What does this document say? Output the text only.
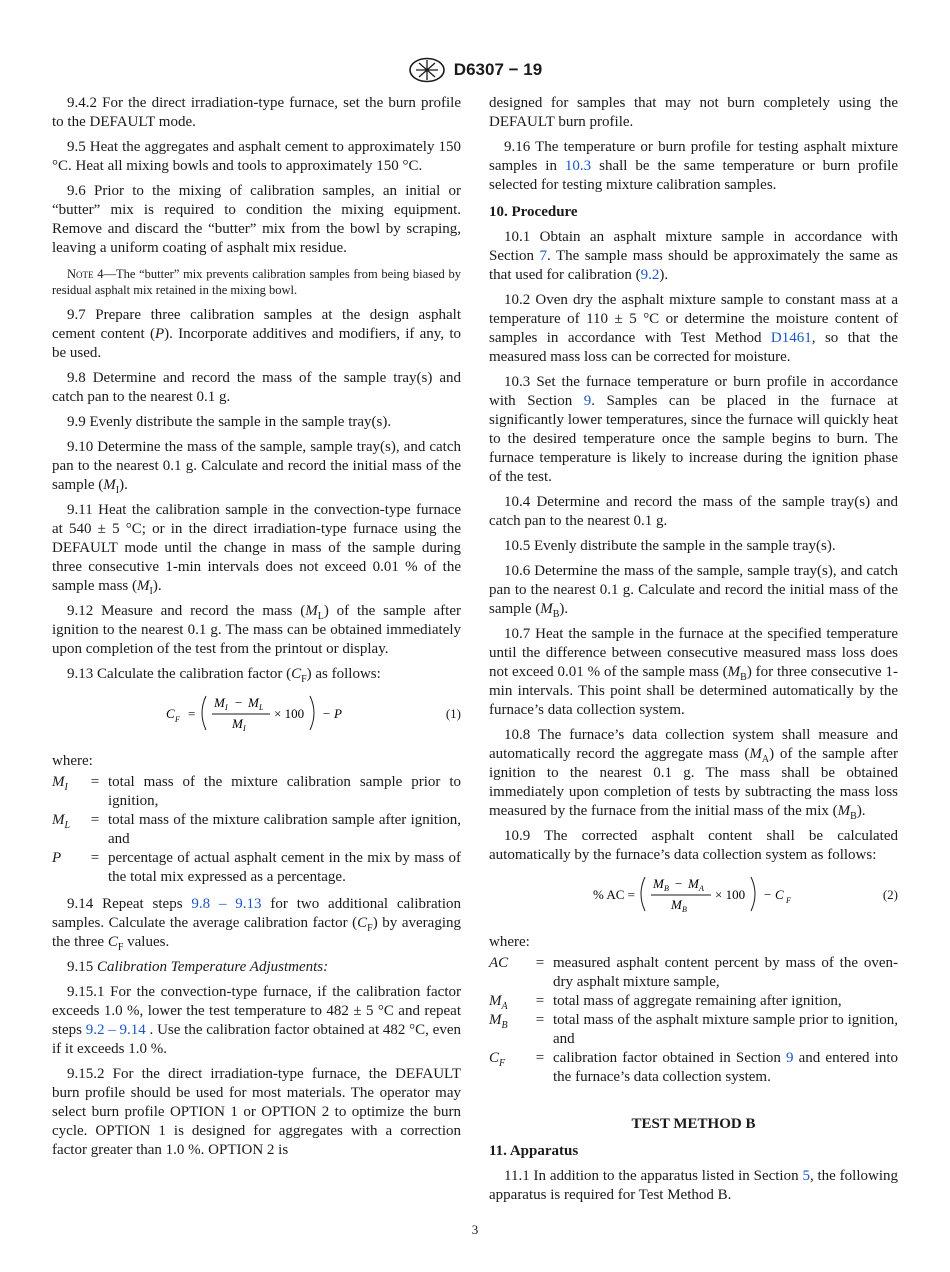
D6307 − 19

9.4.2 For the direct irradiation-type furnace, set the burn profile to the DEFAULT mode.

9.5 Heat the aggregates and asphalt cement to approximately 150 °C. Heat all mixing bowls and tools to approximately 150 °C.

9.6 Prior to the mixing of calibration samples, an initial or “butter” mix is required to condition the mixing equipment. Remove and discard the “butter” mix from the bowl by scraping, leaving a uniform coating of asphalt mix residue.

Note 4—The “butter” mix prevents calibration samples from being biased by residual asphalt mix retained in the mixing bowl.

9.7 Prepare three calibration samples at the design asphalt cement content (P). Incorporate additives and modifiers, if any, to be used.

9.8 Determine and record the mass of the sample tray(s) and catch pan to the nearest 0.1 g.

9.9 Evenly distribute the sample in the sample tray(s).

9.10 Determine the mass of the sample, sample tray(s), and catch pan to the nearest 0.1 g. Calculate and record the initial mass of the sample $(M_I)$.

9.11 Heat the calibration sample in the convection-type furnace at 540 ± 5 °C; or in the direct irradiation-type furnace using the DEFAULT mode until the change in mass of the sample during three consecutive 1-min intervals does not exceed 0.01 % of the sample mass $(M_I)$.

9.12 Measure and record the mass $(M_L)$ of the sample after ignition to the nearest 0.1 g. The mass can be obtained immediately upon completion of the test from the printout or display.

9.13 Calculate the calibration factor $(C_F)$ as follows:

C F =
M I − M L
M I
× 100 − P	(1)

where:

$M_I$	=	total mass of the mixture calibration sample prior to ignition,
$M_L$	=	total mass of the mixture calibration sample after ignition, and
P	=	percentage of actual asphalt cement in the mix by mass of the total mix expressed as a percentage.

9.14 Repeat steps 9.8 – 9.13 for two additional calibration samples. Calculate the average calibration factor $(C_F)$ by averaging the three $C_F$ values.

9.15 Calibration Temperature Adjustments:

9.15.1 For the convection-type furnace, if the calibration factor exceeds 1.0 %, lower the test temperature to 482 ± 5 °C and repeat steps 9.2 – 9.14 . Use the calibration factor obtained at 482 °C, even if it exceeds 1.0 %.

9.15.2 For the direct irradiation-type furnace, the DEFAULT burn profile should be used for most materials. The operator may select burn profile OPTION 1 or OPTION 2 to optimize the burn cycle. OPTION 1 is designed for aggregates with a correction factor greater than 1.0 %. OPTION 2 is

designed for samples that may not burn completely using the DEFAULT burn profile.

9.16 The temperature or burn profile for testing asphalt mixture samples in 10.3 shall be the same temperature or burn profile selected for testing mixture calibration samples.

10. Procedure

10.1 Obtain an asphalt mixture sample in accordance with Section 7. The sample mass should be approximately the same as that used for calibration (9.2).

10.2 Oven dry the asphalt mixture sample to constant mass at a temperature of 110 ± 5 °C or determine the moisture content of samples in accordance with Test Method D1461, so that the measured mass loss can be corrected for moisture.

10.3 Set the furnace temperature or burn profile in accordance with Section 9. Samples can be placed in the furnace at significantly lower temperatures, since the furnace will quickly heat to the desired temperature once the sample begins to burn. The furnace temperature is likely to increase during the ignition phase of the test.

10.4 Determine and record the mass of the sample tray(s) and catch pan to the nearest 0.1 g.

10.5 Evenly distribute the sample in the sample tray(s).

10.6 Determine the mass of the sample, sample tray(s), and catch pan to the nearest 0.1 g. Calculate and record the initial mass of the sample $(M_B)$.

10.7 Heat the sample in the furnace at the specified temperature until the difference between consecutive measured mass loss does not exceed 0.01 % of the sample mass $(M_B)$ for three consecutive 1-min intervals. This point shall be determined automatically by the furnace’s data collection system.

10.8 The furnace’s data collection system shall measure and automatically record the aggregate mass $(M_A)$ of the sample after ignition to the nearest 0.1 g. The mass shall be obtained immediately upon completion of tests by subtracting the mass loss measured by the furnace from the initial mass of the mix $(M_B)$.

10.9 The corrected asphalt content shall be calculated automatically by the furnace’s data collection system as follows:

% AC =
M B − M A
M B
× 100 − C F	(2)

where:

AC	=	measured asphalt content percent by mass of the oven-dry asphalt mixture sample,
$M_A$	=	total mass of aggregate remaining after ignition,
$M_B$	=	total mass of the asphalt mixture sample prior to ignition, and
$C_F$	=	calibration factor obtained in Section 9 and entered into the furnace’s data collection system.

TEST METHOD B

11. Apparatus

11.1 In addition to the apparatus listed in Section 5, the following apparatus is required for Test Method B.

3
